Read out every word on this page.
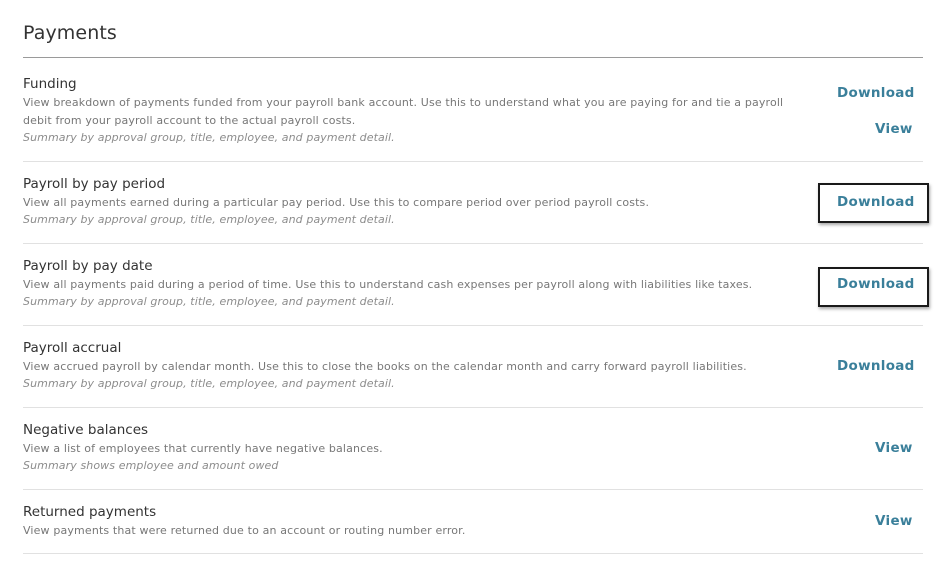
Payments
Funding
View breakdown of payments funded from your payroll bank account. Use this to understand what you are paying for and tie a payroll debit from your payroll account to the actual payroll costs.
Summary by approval group, title, employee, and payment detail.
Download
View
Payroll by pay period
View all payments earned during a particular pay period. Use this to compare period over period payroll costs.
Summary by approval group, title, employee, and payment detail.
Download
Payroll by pay date
View all payments paid during a period of time. Use this to understand cash expenses per payroll along with liabilities like taxes.
Summary by approval group, title, employee, and payment detail.
Download
Payroll accrual
View accrued payroll by calendar month. Use this to close the books on the calendar month and carry forward payroll liabilities.
Summary by approval group, title, employee, and payment detail.
Download
Negative balances
View a list of employees that currently have negative balances.
Summary shows employee and amount owed
View
Returned payments
View payments that were returned due to an account or routing number error.
View
